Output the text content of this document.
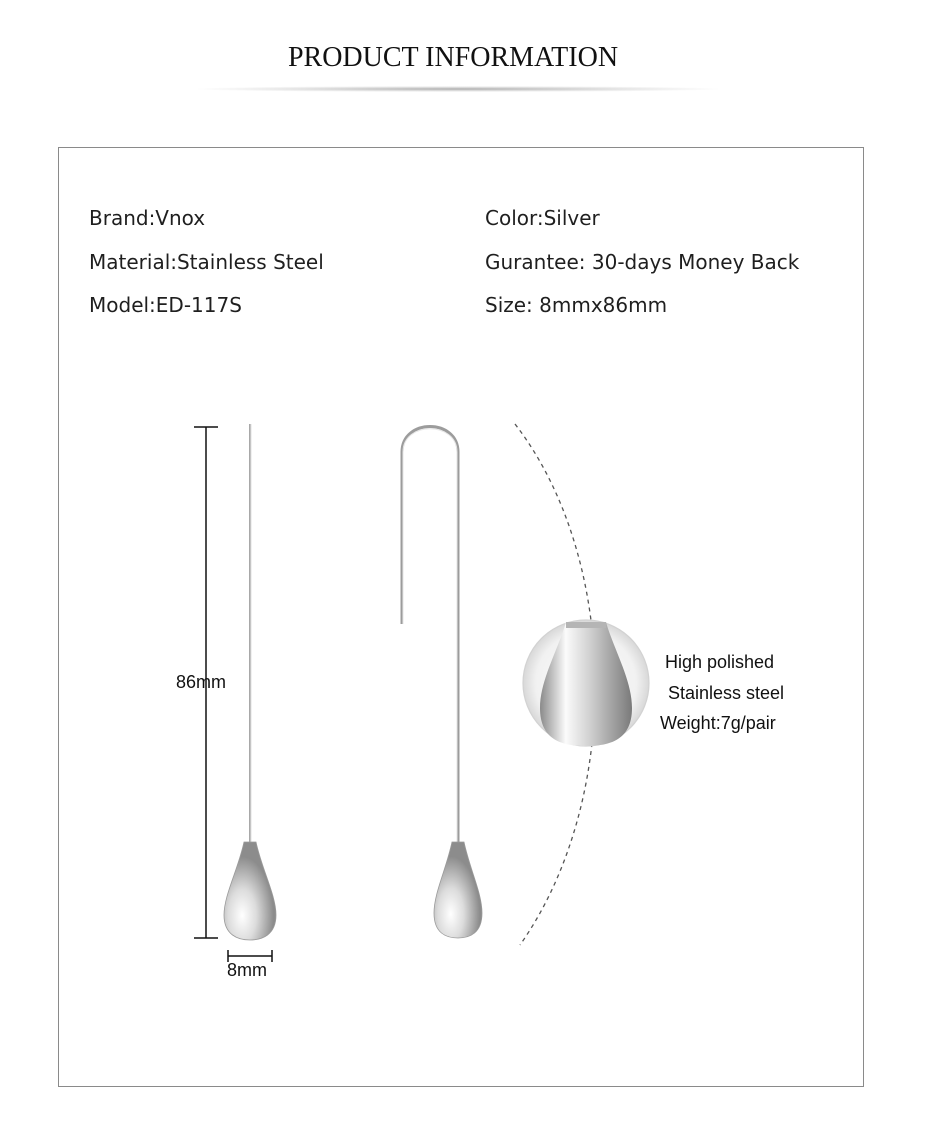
PRODUCT INFORMATION
Brand:Vnox
Material:Stainless Steel
Model:ED-117S
Color:Silver
Gurantee: 30-days Money Back
Size: 8mmx86mm
86mm
8mm
High polished
Stainless steel
Weight:7g/pair
